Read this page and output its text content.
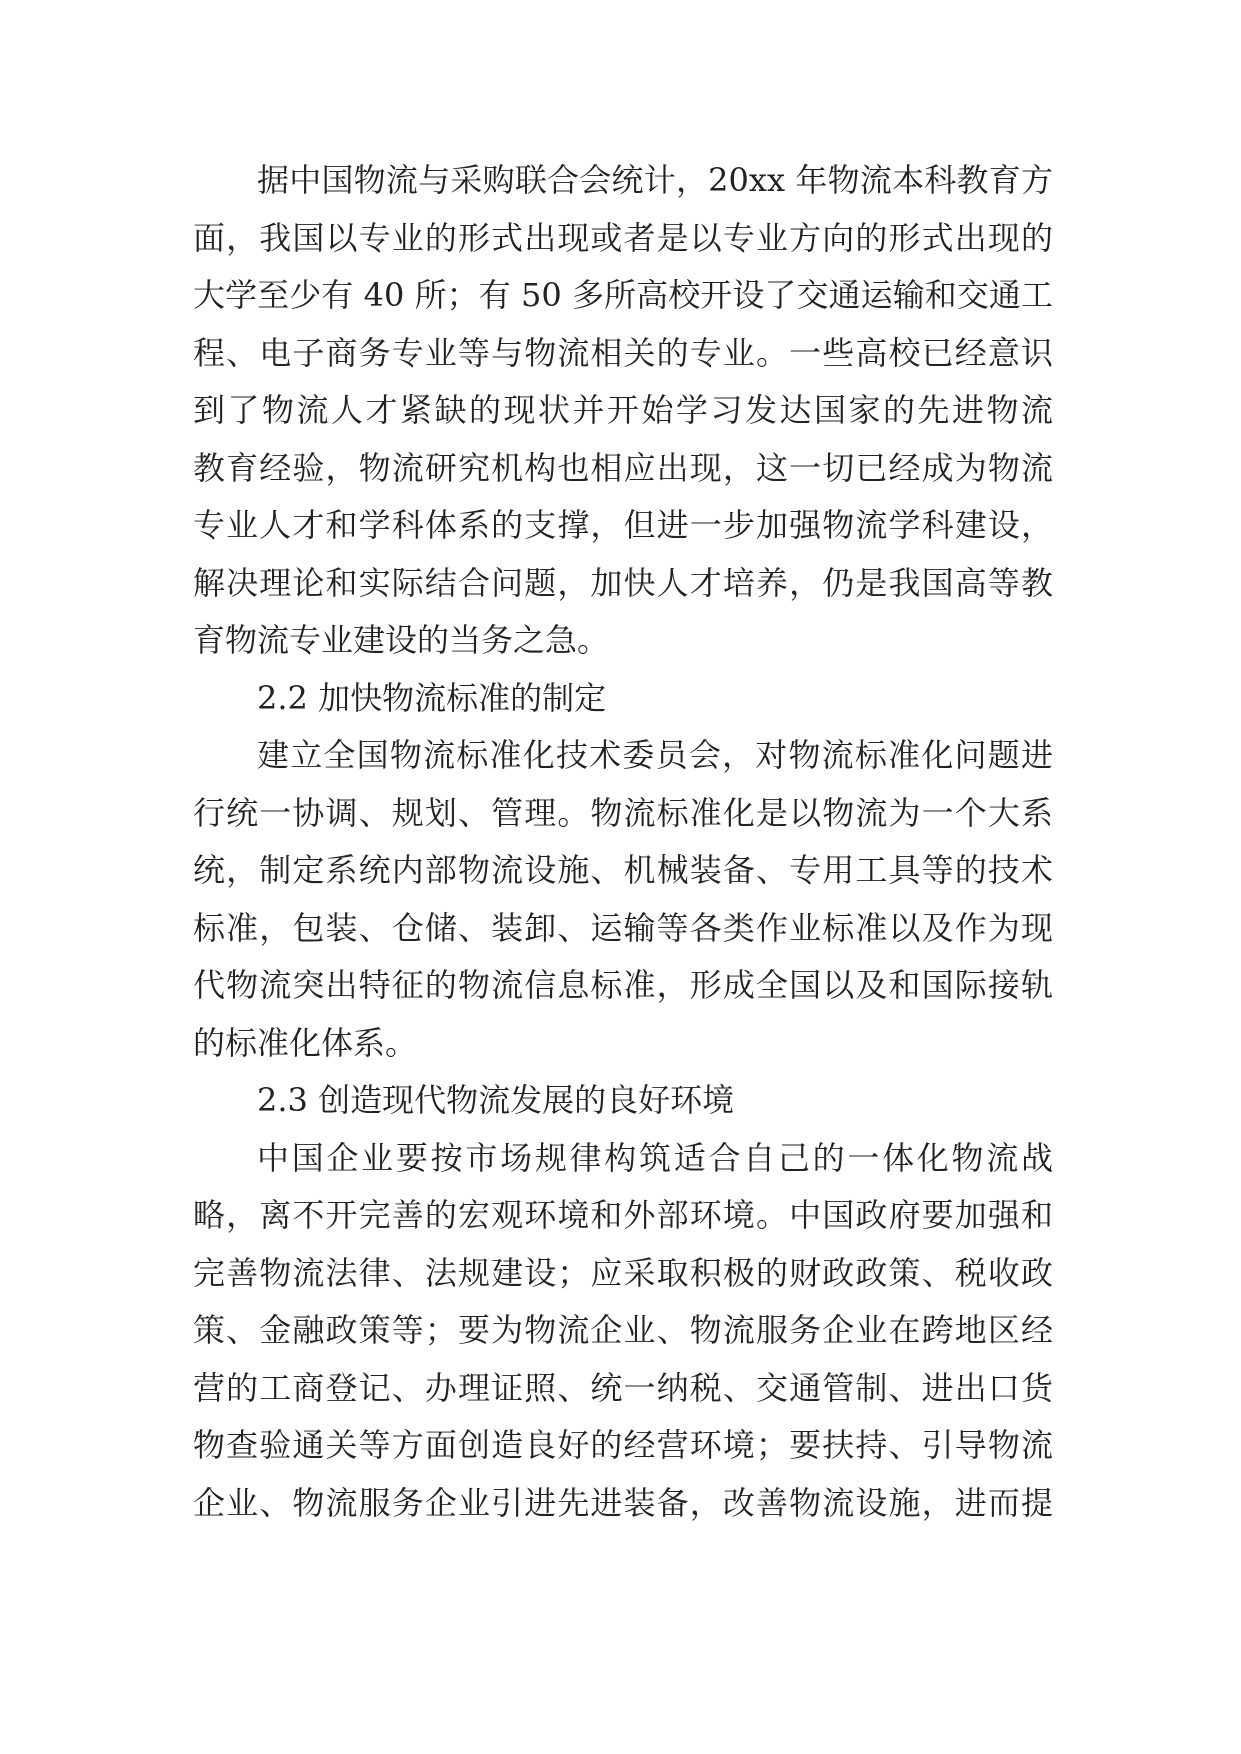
据中国物流与采购联合会统计，20xx 年物流本科教育方
面，我国以专业的形式出现或者是以专业方向的形式出现的
大学至少有 40 所；有 50 多所高校开设了交通运输和交通工
程、电子商务专业等与物流相关的专业。一些高校已经意识
到了物流人才紧缺的现状并开始学习发达国家的先进物流
教育经验，物流研究机构也相应出现，这一切已经成为物流
专业人才和学科体系的支撑，但进一步加强物流学科建设，
解决理论和实际结合问题，加快人才培养，仍是我国高等教
育物流专业建设的当务之急。
2.2 加快物流标准的制定
建立全国物流标准化技术委员会，对物流标准化问题进
行统一协调、规划、管理。物流标准化是以物流为一个大系
统，制定系统内部物流设施、机械装备、专用工具等的技术
标准，包装、仓储、装卸、运输等各类作业标准以及作为现
代物流突出特征的物流信息标准，形成全国以及和国际接轨
的标准化体系。
2.3 创造现代物流发展的良好环境
中国企业要按市场规律构筑适合自己的一体化物流战
略，离不开完善的宏观环境和外部环境。中国政府要加强和
完善物流法律、法规建设；应采取积极的财政政策、税收政
策、金融政策等；要为物流企业、物流服务企业在跨地区经
营的工商登记、办理证照、统一纳税、交通管制、进出口货
物查验通关等方面创造良好的经营环境；要扶持、引导物流
企业、物流服务企业引进先进装备，改善物流设施，进而提
